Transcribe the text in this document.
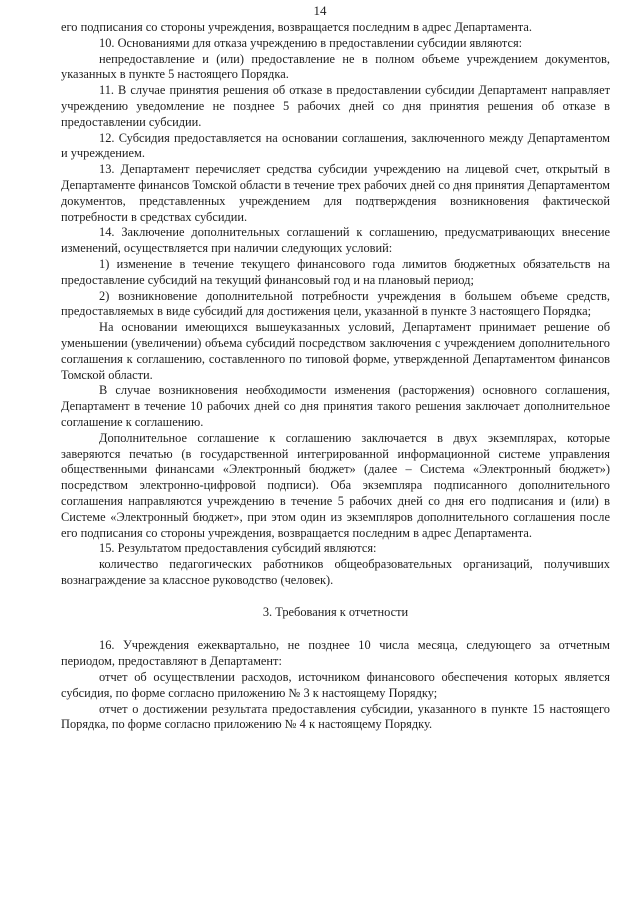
14

его подписания со стороны учреждения, возвращается последним в адрес Департамента.

10. Основаниями для отказа учреждению в предоставлении субсидии являются:

непредоставление и (или) предоставление не в полном объеме учреждением документов, указанных в пункте 5 настоящего Порядка.

11. В случае принятия решения об отказе в предоставлении субсидии Департамент направляет учреждению уведомление не позднее 5 рабочих дней со дня принятия решения об отказе в предоставлении субсидии.

12. Субсидия предоставляется на основании соглашения, заключенного между Департаментом и учреждением.

13. Департамент перечисляет средства субсидии учреждению на лицевой счет, открытый в Департаменте финансов Томской области в течение трех рабочих дней со дня принятия Департаментом документов, представленных учреждением для подтверждения возникновения фактической потребности в средствах субсидии.

14. Заключение дополнительных соглашений к соглашению, предусматривающих внесение изменений, осуществляется при наличии следующих условий:

1) изменение в течение текущего финансового года лимитов бюджетных обязательств на предоставление субсидий на текущий финансовый год и на плановый период;

2) возникновение дополнительной потребности учреждения в большем объеме средств, предоставляемых в виде субсидий для достижения цели, указанной в пункте 3 настоящего Порядка;

На основании имеющихся вышеуказанных условий, Департамент принимает решение об уменьшении (увеличении) объема субсидий посредством заключения с учреждением дополнительного соглашения к соглашению, составленного по типовой форме, утвержденной Департаментом финансов Томской области.

В случае возникновения необходимости изменения (расторжения) основного соглашения, Департамент в течение 10 рабочих дней со дня принятия такого решения заключает дополнительное соглашение к соглашению.

Дополнительное соглашение к соглашению заключается в двух экземплярах, которые заверяются печатью (в государственной интегрированной информационной системе управления общественными финансами «Электронный бюджет» (далее – Система «Электронный бюджет») посредством электронно-цифровой подписи). Оба экземпляра подписанного дополнительного соглашения направляются учреждению в течение 5 рабочих дней со дня его подписания и (или) в Системе «Электронный бюджет», при этом один из экземпляров дополнительного соглашения после его подписания со стороны учреждения, возвращается последним в адрес Департамента.

15. Результатом предоставления субсидий являются:

количество педагогических работников общеобразовательных организаций, получивших вознаграждение за классное руководство (человек).

3. Требования к отчетности

16. Учреждения ежеквартально, не позднее 10 числа месяца, следующего за отчетным периодом, предоставляют в Департамент:

отчет об осуществлении расходов, источником финансового обеспечения которых является субсидия, по форме согласно приложению № 3 к настоящему Порядку;

отчет о достижении результата предоставления субсидии, указанного в пункте 15 настоящего Порядка, по форме согласно приложению № 4 к настоящему Порядку.
